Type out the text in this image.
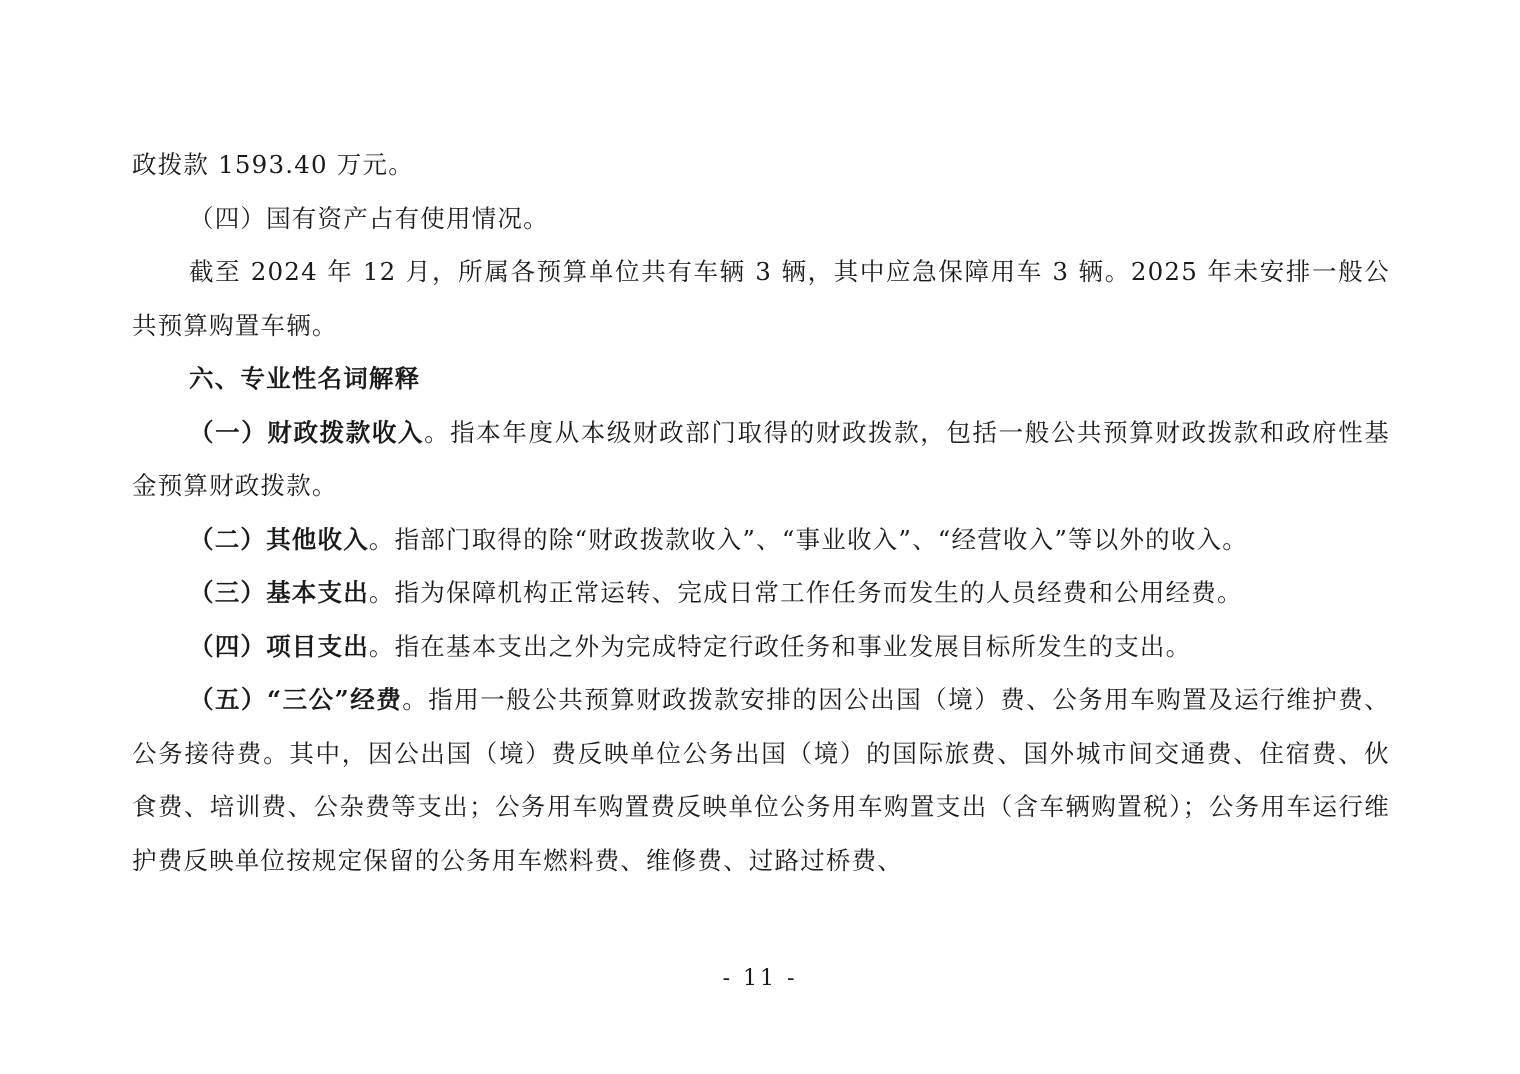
政拨款 1593.40 万元。

（四）国有资产占有使用情况。

截至 2024 年 12 月，所属各预算单位共有车辆 3 辆，其中应急保障用车 3 辆。2025 年未安排一般公共预算购置车辆。

六、专业性名词解释

（一）财政拨款收入。指本年度从本级财政部门取得的财政拨款，包括一般公共预算财政拨款和政府性基金预算财政拨款。

（二）其他收入。指部门取得的除“财政拨款收入”、“事业收入”、“经营收入”等以外的收入。

（三）基本支出。指为保障机构正常运转、完成日常工作任务而发生的人员经费和公用经费。

（四）项目支出。指在基本支出之外为完成特定行政任务和事业发展目标所发生的支出。

（五）“三公”经费。指用一般公共预算财政拨款安排的因公出国（境）费、公务用车购置及运行维护费、公务接待费。其中，因公出国（境）费反映单位公务出国（境）的国际旅费、国外城市间交通费、住宿费、伙食费、培训费、公杂费等支出；公务用车购置费反映单位公务用车购置支出（含车辆购置税）；公务用车运行维护费反映单位按规定保留的公务用车燃料费、维修费、过路过桥费、

- 11 -
